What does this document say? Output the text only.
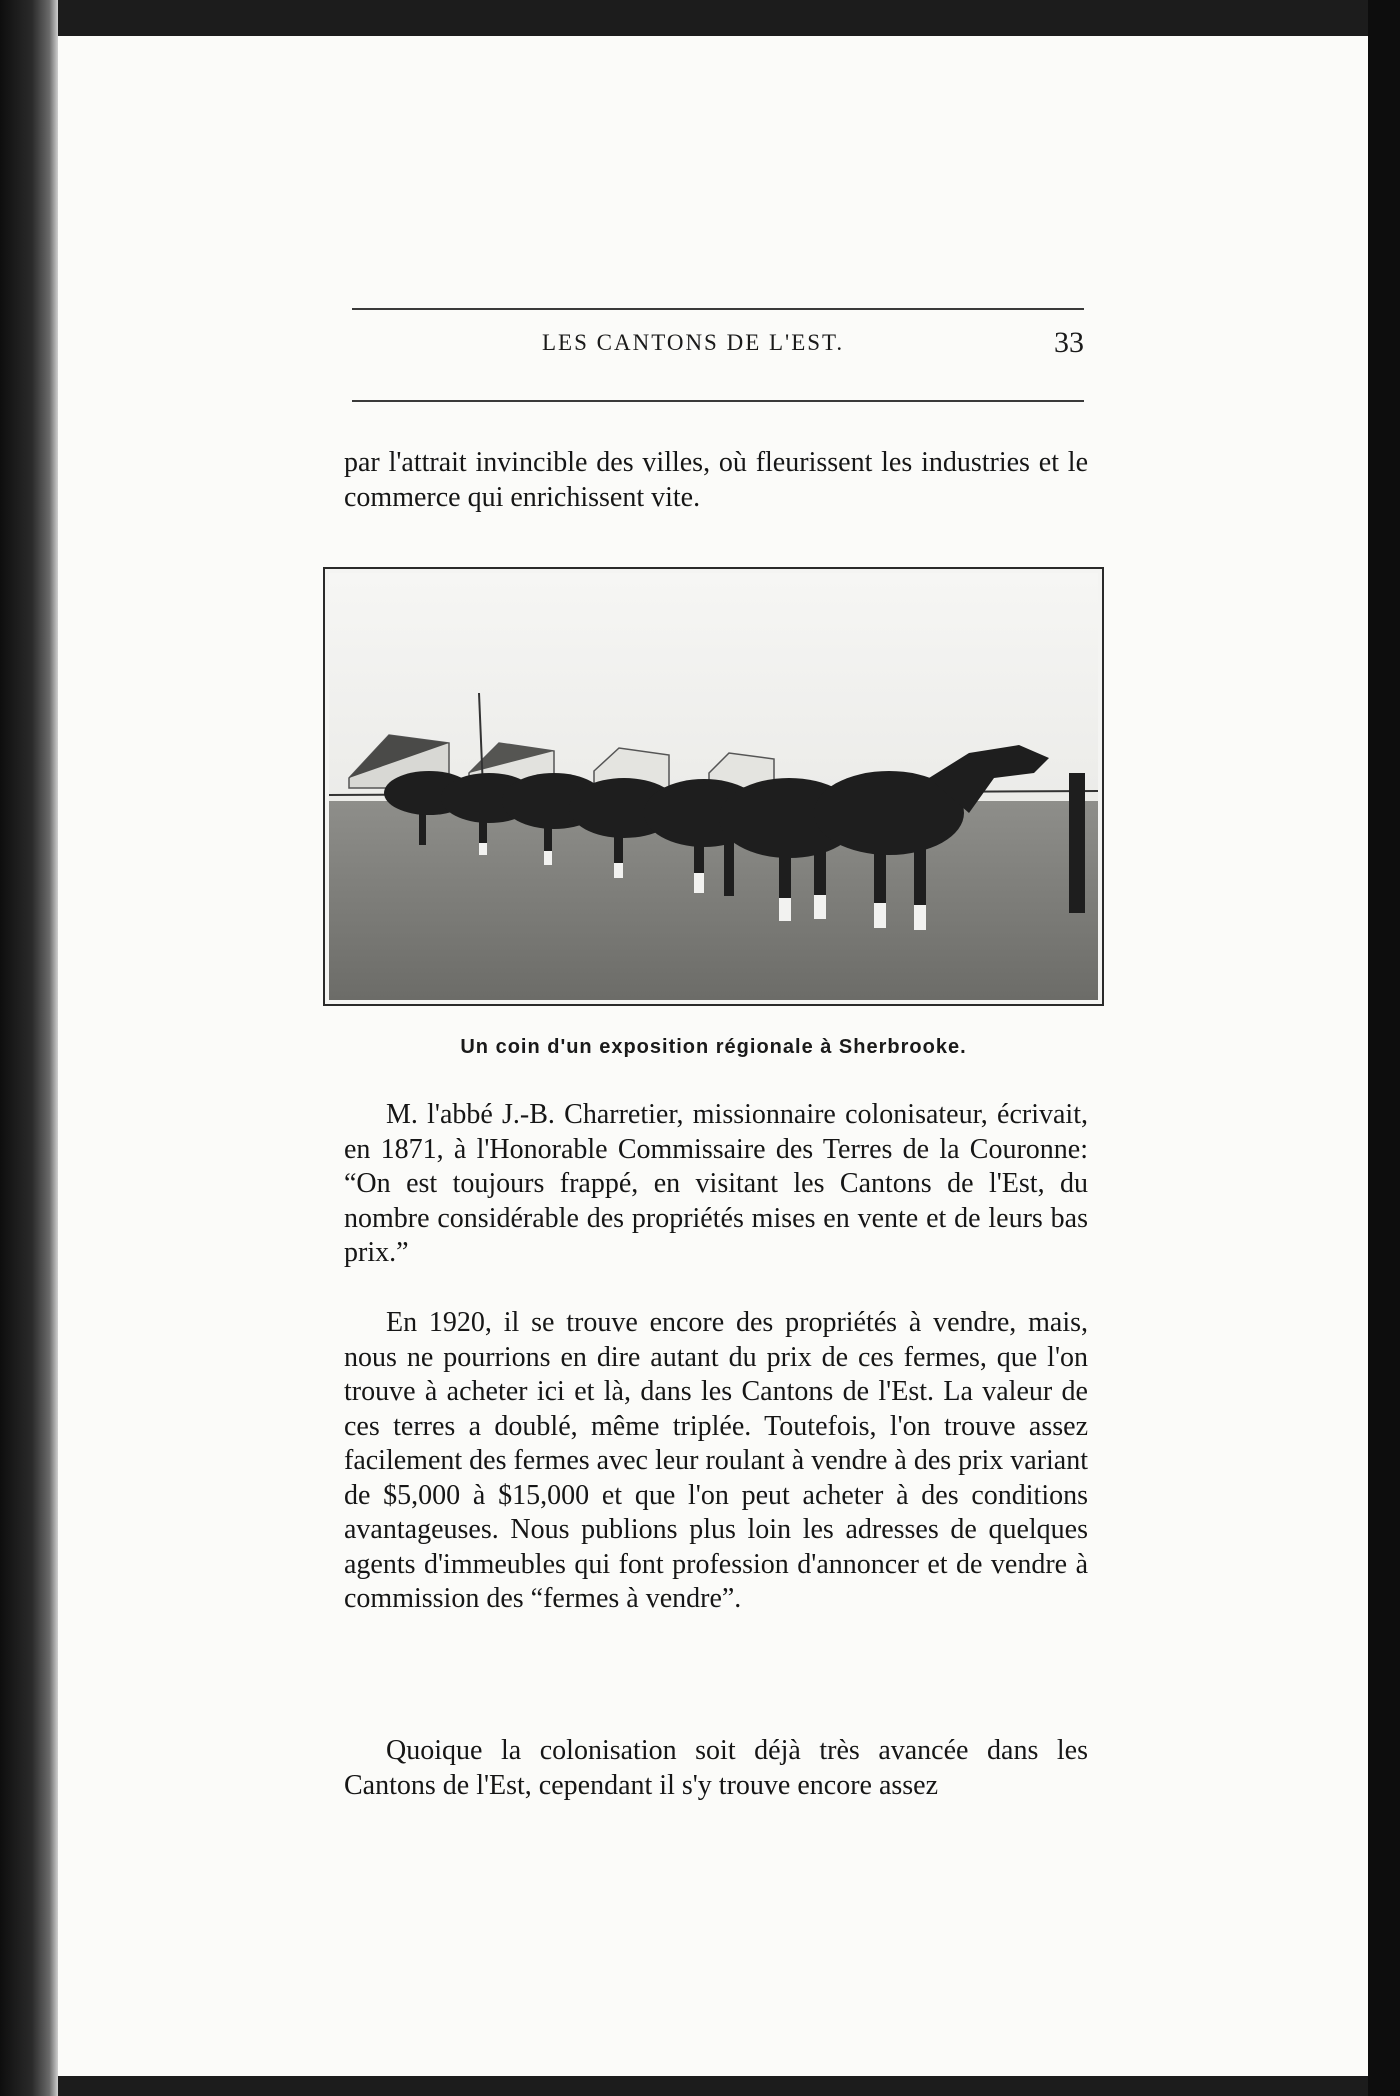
LES CANTONS DE L'EST.	33

par l'attrait invincible des villes, où fleurissent les industries et le commerce qui enrichissent vite.

Un coin d'un exposition régionale à Sherbrooke.

M. l'abbé J.-B. Charretier, missionnaire colonisateur, écrivait, en 1871, à l'Honorable Commissaire des Terres de la Couronne: “On est toujours frappé, en visitant les Cantons de l'Est, du nombre considérable des propriétés mises en vente et de leurs bas prix.”

En 1920, il se trouve encore des propriétés à vendre, mais, nous ne pourrions en dire autant du prix de ces fermes, que l'on trouve à acheter ici et là, dans les Cantons de l'Est. La valeur de ces terres a doublé, même triplée. Toutefois, l'on trouve assez facilement des fermes avec leur roulant à vendre à des prix variant de $5,000 à $15,000 et que l'on peut acheter à des conditions avantageuses. Nous publions plus loin les adresses de quelques agents d'immeubles qui font profession d'annoncer et de vendre à commission des “fermes à vendre”.

Quoique la colonisation soit déjà très avancée dans les Cantons de l'Est, cependant il s'y trouve encore assez
